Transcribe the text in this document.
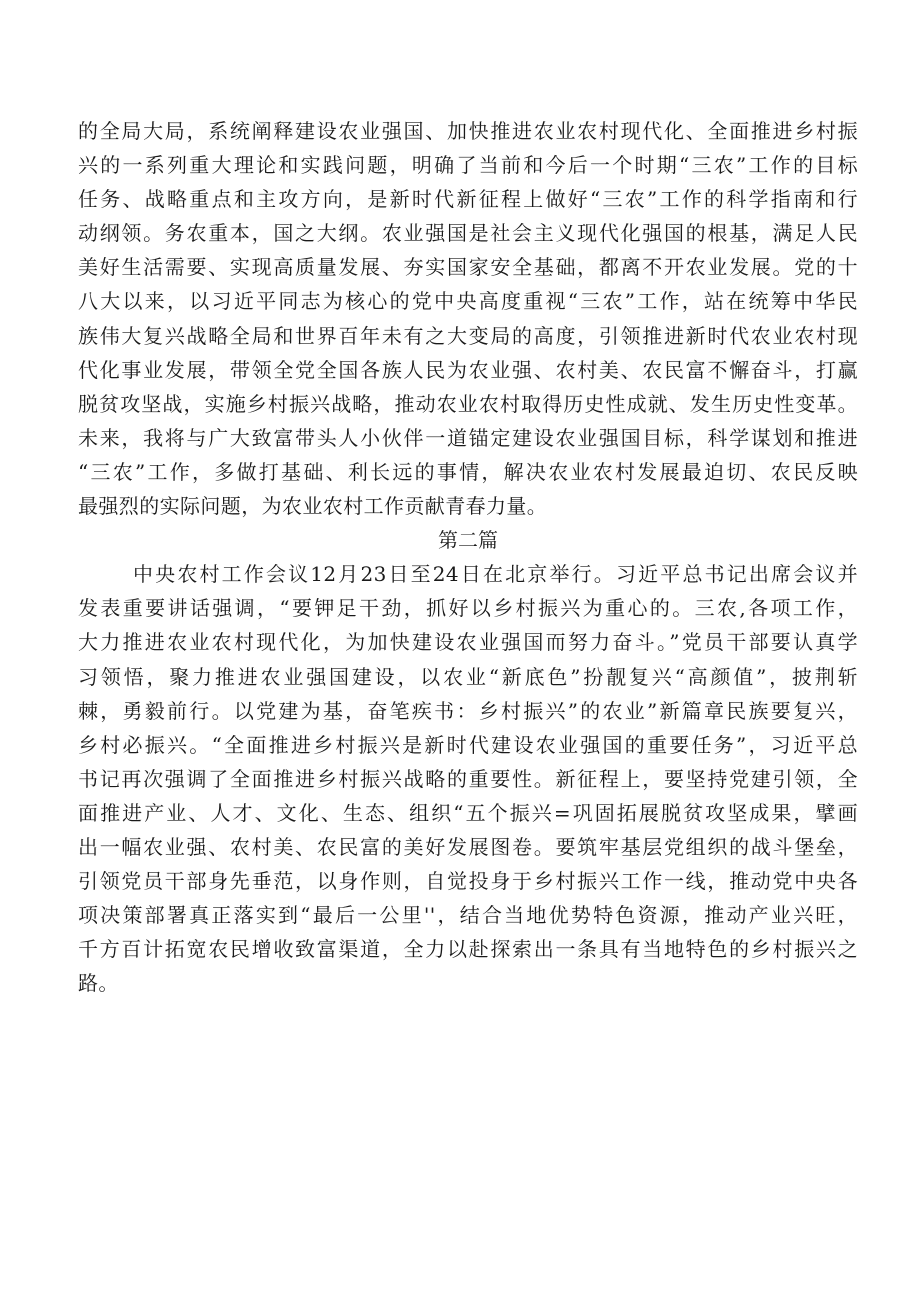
的全局大局，系统阐释建设农业强国、加快推进农业农村现代化、全面推进乡村振
兴的一系列重大理论和实践问题，明确了当前和今后一个时期“三农”工作的目标
任务、战略重点和主攻方向，是新时代新征程上做好“三农”工作的科学指南和行
动纲领。务农重本，国之大纲。农业强国是社会主义现代化强国的根基，满足人民
美好生活需要、实现高质量发展、夯实国家安全基础，都离不开农业发展。党的十
八大以来，以习近平同志为核心的党中央高度重视“三农”工作，站在统筹中华民
族伟大复兴战略全局和世界百年未有之大变局的高度，引领推进新时代农业农村现
代化事业发展，带领全党全国各族人民为农业强、农村美、农民富不懈奋斗，打赢
脱贫攻坚战，实施乡村振兴战略，推动农业农村取得历史性成就、发生历史性变革。
未来，我将与广大致富带头人小伙伴一道锚定建设农业强国目标，科学谋划和推进
“三农”工作，多做打基础、利长远的事情，解决农业农村发展最迫切、农民反映
最强烈的实际问题，为农业农村工作贡献青春力量。
第二篇
中央农村工作会议12月23日至24日在北京举行。习近平总书记出席会议并
发表重要讲话强调，“要钾足干劲，抓好以乡村振兴为重心的。三农,各项工作，
大力推进农业农村现代化，为加快建设农业强国而努力奋斗。”党员干部要认真学
习领悟，聚力推进农业强国建设，以农业“新底色”扮靓复兴“高颜值”，披荆斩
棘，勇毅前行。以党建为基，奋笔疾书：乡村振兴”的农业”新篇章民族要复兴，
乡村必振兴。“全面推进乡村振兴是新时代建设农业强国的重要任务”，习近平总
书记再次强调了全面推进乡村振兴战略的重要性。新征程上，要坚持党建引领，全
面推进产业、人才、文化、生态、组织“五个振兴=巩固拓展脱贫攻坚成果，擘画
出一幅农业强、农村美、农民富的美好发展图卷。要筑牢基层党组织的战斗堡垒，
引领党员干部身先垂范，以身作则，自觉投身于乡村振兴工作一线，推动党中央各
项决策部署真正落实到“最后一公里''，结合当地优势特色资源，推动产业兴旺，
千方百计拓宽农民增收致富渠道，全力以赴探索出一条具有当地特色的乡村振兴之
路。
